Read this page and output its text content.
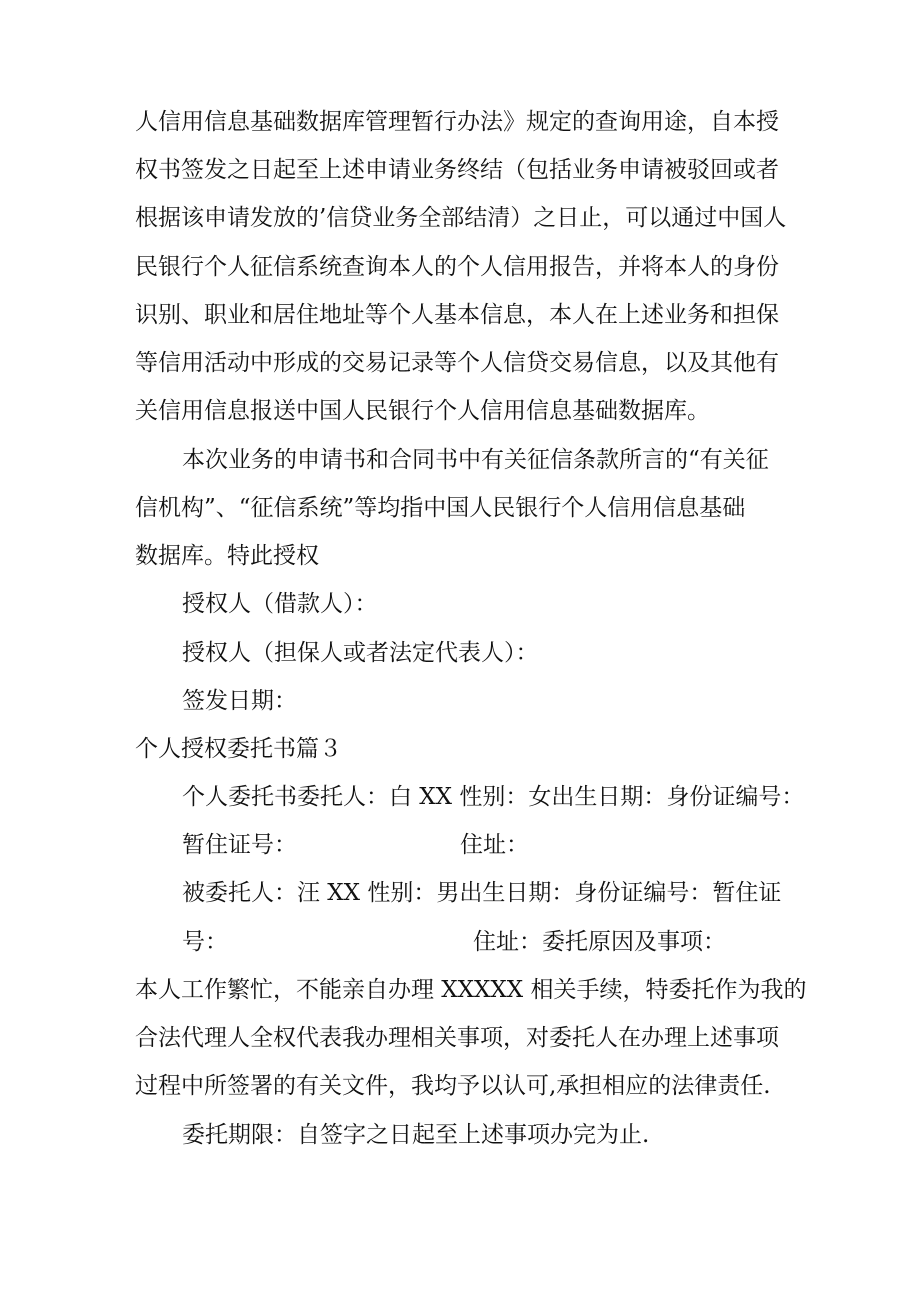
人信用信息基础数据库管理暂行办法》规定的查询用途，自本授

权书签发之日起至上述申请业务终结（包括业务申请被驳回或者

根据该申请发放的’信贷业务全部结清）之日止，可以通过中国人

民银行个人征信系统查询本人的个人信用报告，并将本人的身份

识别、职业和居住地址等个人基本信息，本人在上述业务和担保

等信用活动中形成的交易记录等个人信贷交易信息，以及其他有

关信用信息报送中国人民银行个人信用信息基础数据库。

本次业务的申请书和合同书中有关征信条款所言的“有关征

信机构”、“征信系统”等均指中国人民银行个人信用信息基础

数据库。特此授权

授权人（借款人）：

授权人（担保人或者法定代表人）：

签发日期：

个人授权委托书篇３

个人委托书委托人：白 XX 性别：女出生日期：身份证编号：

暂住证号：	住址：

被委托人：汪 XX 性别：男出生日期：身份证编号：暂住证

号：	住址：委托原因及事项：

本人工作繁忙，不能亲自办理 XXXXX 相关手续，特委托作为我的

合法代理人全权代表我办理相关事项，对委托人在办理上述事项

过程中所签署的有关文件，我均予以认可,承担相应的法律责任.

委托期限：自签字之日起至上述事项办完为止.
